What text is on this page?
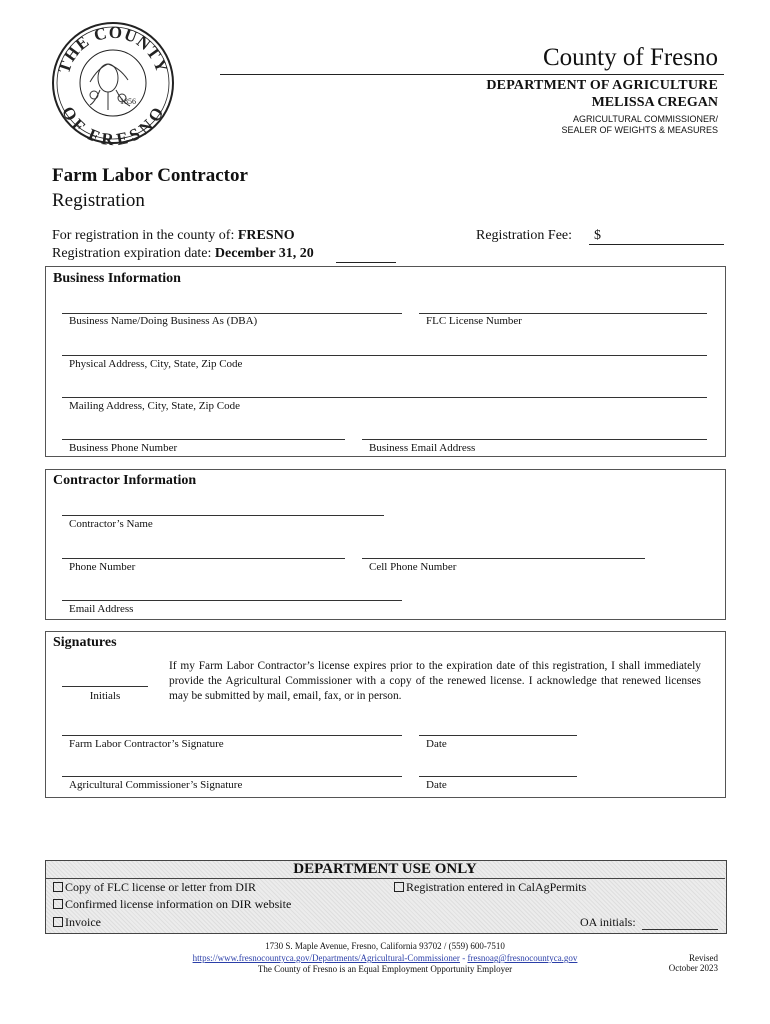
THE COUNTY
OF FRESNO
1856
County of Fresno
DEPARTMENT OF AGRICULTURE
MELISSA CREGAN
AGRICULTURAL COMMISSIONER/
SEALER OF WEIGHTS & MEASURES
Farm Labor Contractor
Registration
For registration in the county of: FRESNO
Registration expiration date: December 31, 20
Registration Fee: $
Business Information
Business Name/Doing Business As (DBA)	FLC License Number
Physical Address, City, State, Zip Code
Mailing Address, City, State, Zip Code
Business Phone Number	Business Email Address
Contractor Information
Contractor’s Name
Phone Number	Cell Phone Number
Email Address
Signatures
Initials
If my Farm Labor Contractor’s license expires prior to the expiration date of this registration, I shall immediately provide the Agricultural Commissioner with a copy of the renewed license. I acknowledge that renewed licenses may be submitted by mail, email, fax, or in person.
Farm Labor Contractor’s Signature	Date
Agricultural Commissioner’s Signature	Date
DEPARTMENT USE ONLY
Copy of FLC license or letter from DIR
Confirmed license information on DIR website
Invoice
Registration entered in CalAgPermits
OA initials:
1730 S. Maple Avenue, Fresno, California 93702 / (559) 600-7510
https://www.fresnocountyca.gov/Departments/Agricultural-Commissioner - fresnoag@fresnocountyca.gov
The County of Fresno is an Equal Employment Opportunity Employer
Revised
October 2023
